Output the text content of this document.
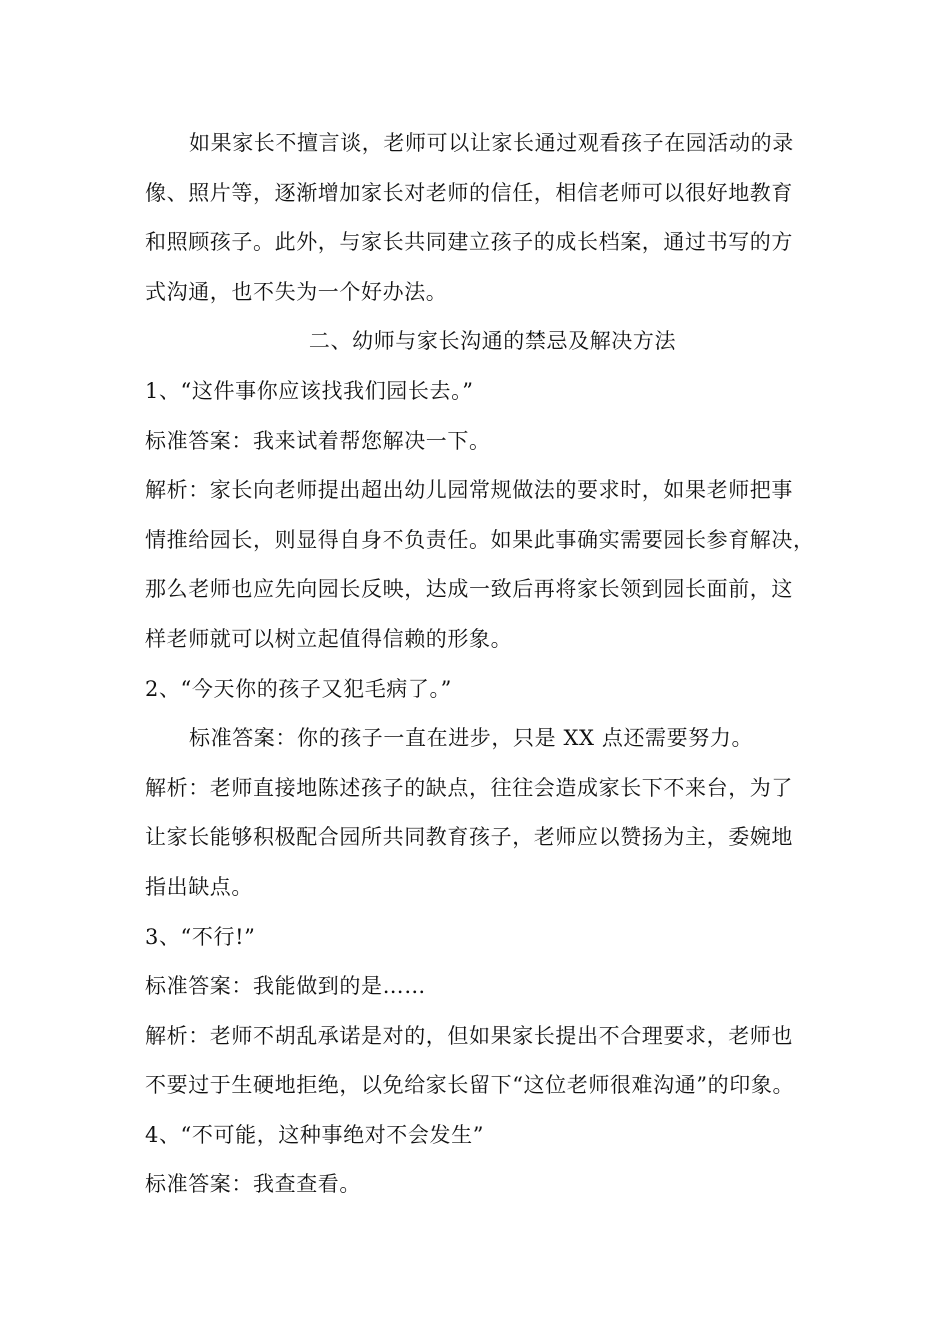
如果家长不擅言谈，老师可以让家长通过观看孩子在园活动的录
像、照片等，逐渐增加家长对老师的信任，相信老师可以很好地教育
和照顾孩子。此外，与家长共同建立孩子的成长档案，通过书写的方
式沟通，也不失为一个好办法。
二、幼师与家长沟通的禁忌及解决方法
1、“这件事你应该找我们园长去。”
标准答案：我来试着帮您解决一下。
解析：家长向老师提出超出幼儿园常规做法的要求时，如果老师把事
情推给园长，则显得自身不负责任。如果此事确实需要园长参育解决，
那么老师也应先向园长反映，达成一致后再将家长领到园长面前，这
样老师就可以树立起值得信赖的形象。
2、“今天你的孩子又犯毛病了。”
标准答案：你的孩子一直在进步，只是 XX 点还需要努力。
解析：老师直接地陈述孩子的缺点，往往会造成家长下不来台，为了
让家长能够积极配合园所共同教育孩子，老师应以赞扬为主，委婉地
指出缺点。
3、“不行!”
标准答案：我能做到的是……
解析：老师不胡乱承诺是对的，但如果家长提出不合理要求，老师也
不要过于生硬地拒绝，以免给家长留下“这位老师很难沟通”的印象。
4、“不可能，这种事绝对不会发生”
标准答案：我查查看。
